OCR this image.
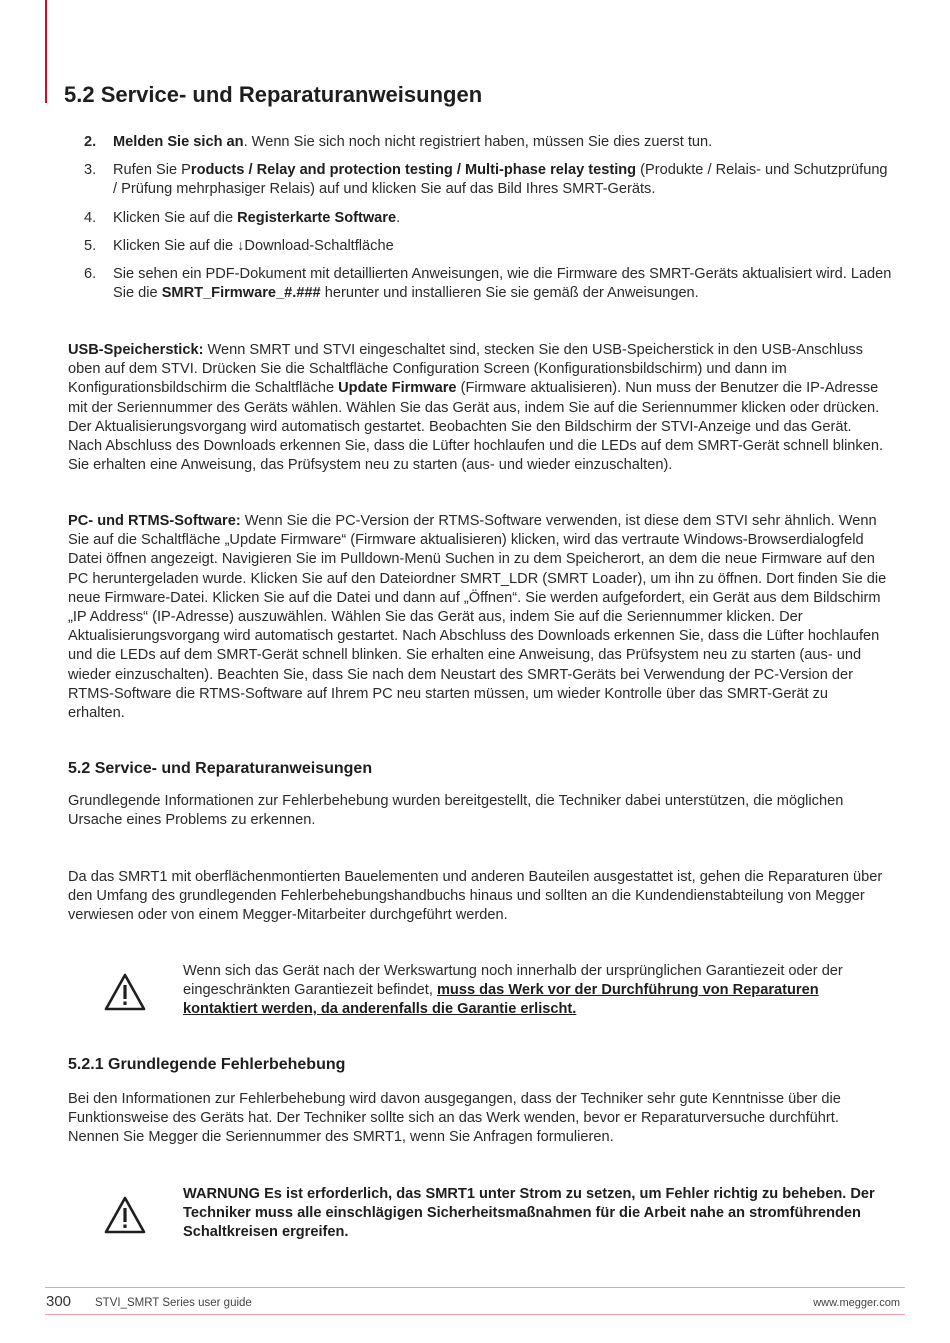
5.2 Service- und Reparaturanweisungen
2. Melden Sie sich an. Wenn Sie sich noch nicht registriert haben, müssen Sie dies zuerst tun.
3. Rufen Sie Products / Relay and protection testing / Multi-phase relay testing (Produkte / Relais- und Schutzprüfung / Prüfung mehrphasiger Relais) auf und klicken Sie auf das Bild Ihres SMRT-Geräts.
4. Klicken Sie auf die Registerkarte Software.
5. Klicken Sie auf die ↓Download-Schaltfläche
6. Sie sehen ein PDF-Dokument mit detaillierten Anweisungen, wie die Firmware des SMRT-Geräts aktualisiert wird. Laden Sie die SMRT_Firmware_#.### herunter und installieren Sie sie gemäß der Anweisungen.

USB-Speicherstick: Wenn SMRT und STVI eingeschaltet sind, stecken Sie den USB-Speicherstick in den USB-Anschluss oben auf dem STVI. Drücken Sie die Schaltfläche Configuration Screen (Konfigurationsbildschirm) und dann im Konfigurationsbildschirm die Schaltfläche Update Firmware (Firmware aktualisieren). Nun muss der Benutzer die IP-Adresse mit der Seriennummer des Geräts wählen. Wählen Sie das Gerät aus, indem Sie auf die Seriennummer klicken oder drücken. Der Aktualisierungsvorgang wird automatisch gestartet. Beobachten Sie den Bildschirm der STVI-Anzeige und das Gerät. Nach Abschluss des Downloads erkennen Sie, dass die Lüfter hochlaufen und die LEDs auf dem SMRT-Gerät schnell blinken. Sie erhalten eine Anweisung, das Prüfsystem neu zu starten (aus- und wieder einzuschalten).

PC- und RTMS-Software: Wenn Sie die PC-Version der RTMS-Software verwenden, ist diese dem STVI sehr ähnlich. Wenn Sie auf die Schaltfläche „Update Firmware“ (Firmware aktualisieren) klicken, wird das vertraute Windows-Browserdialogfeld Datei öffnen angezeigt. Navigieren Sie im Pulldown-Menü Suchen in zu dem Speicherort, an dem die neue Firmware auf den PC heruntergeladen wurde. Klicken Sie auf den Dateiordner SMRT_LDR (SMRT Loader), um ihn zu öffnen. Dort finden Sie die neue Firmware-Datei. Klicken Sie auf die Datei und dann auf „Öffnen“. Sie werden aufgefordert, ein Gerät aus dem Bildschirm „IP Address“ (IP-Adresse) auszuwählen. Wählen Sie das Gerät aus, indem Sie auf die Seriennummer klicken. Der Aktualisierungsvorgang wird automatisch gestartet. Nach Abschluss des Downloads erkennen Sie, dass die Lüfter hochlaufen und die LEDs auf dem SMRT-Gerät schnell blinken. Sie erhalten eine Anweisung, das Prüfsystem neu zu starten (aus- und wieder einzuschalten). Beachten Sie, dass Sie nach dem Neustart des SMRT-Geräts bei Verwendung der PC-Version der RTMS-Software die RTMS-Software auf Ihrem PC neu starten müssen, um wieder Kontrolle über das SMRT-Gerät zu erhalten.

5.2 Service- und Reparaturanweisungen

Grundlegende Informationen zur Fehlerbehebung wurden bereitgestellt, die Techniker dabei unterstützen, die möglichen Ursache eines Problems zu erkennen.

Da das SMRT1 mit oberflächenmontierten Bauelementen und anderen Bauteilen ausgestattet ist, gehen die Reparaturen über den Umfang des grundlegenden Fehlerbehebungshandbuchs hinaus und sollten an die Kundendienstabteilung von Megger verwiesen oder von einem Megger-Mitarbeiter durchgeführt werden.

Wenn sich das Gerät nach der Werkswartung noch innerhalb der ursprünglichen Garantiezeit oder der eingeschränkten Garantiezeit befindet, muss das Werk vor der Durchführung von Reparaturen kontaktiert werden, da anderenfalls die Garantie erlischt.

5.2.1 Grundlegende Fehlerbehebung

Bei den Informationen zur Fehlerbehebung wird davon ausgegangen, dass der Techniker sehr gute Kenntnisse über die Funktionsweise des Geräts hat. Der Techniker sollte sich an das Werk wenden, bevor er Reparaturversuche durchführt. Nennen Sie Megger die Seriennummer des SMRT1, wenn Sie Anfragen formulieren.

WARNUNG Es ist erforderlich, das SMRT1 unter Strom zu setzen, um Fehler richtig zu beheben. Der Techniker muss alle einschlägigen Sicherheitsmaßnahmen für die Arbeit nahe an stromführenden Schaltkreisen ergreifen.

300 STVI_SMRT Series user guide	www.megger.com
